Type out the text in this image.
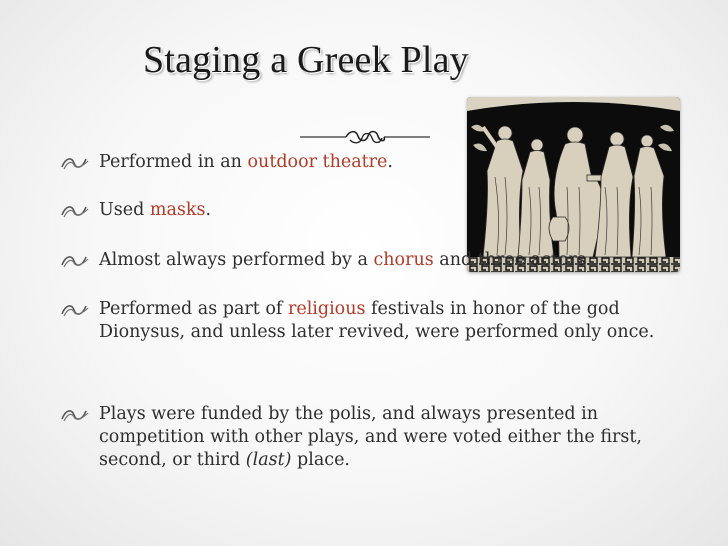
Staging a Greek Play
Performed in an outdoor theatre.
Used masks.
Almost always performed by a chorus and three actors.
Performed as part of religious festivals in honor of the god Dionysus, and unless later revived, were performed only once.
Plays were funded by the polis, and always presented in competition with other plays, and were voted either the first, second, or third (last) place.
